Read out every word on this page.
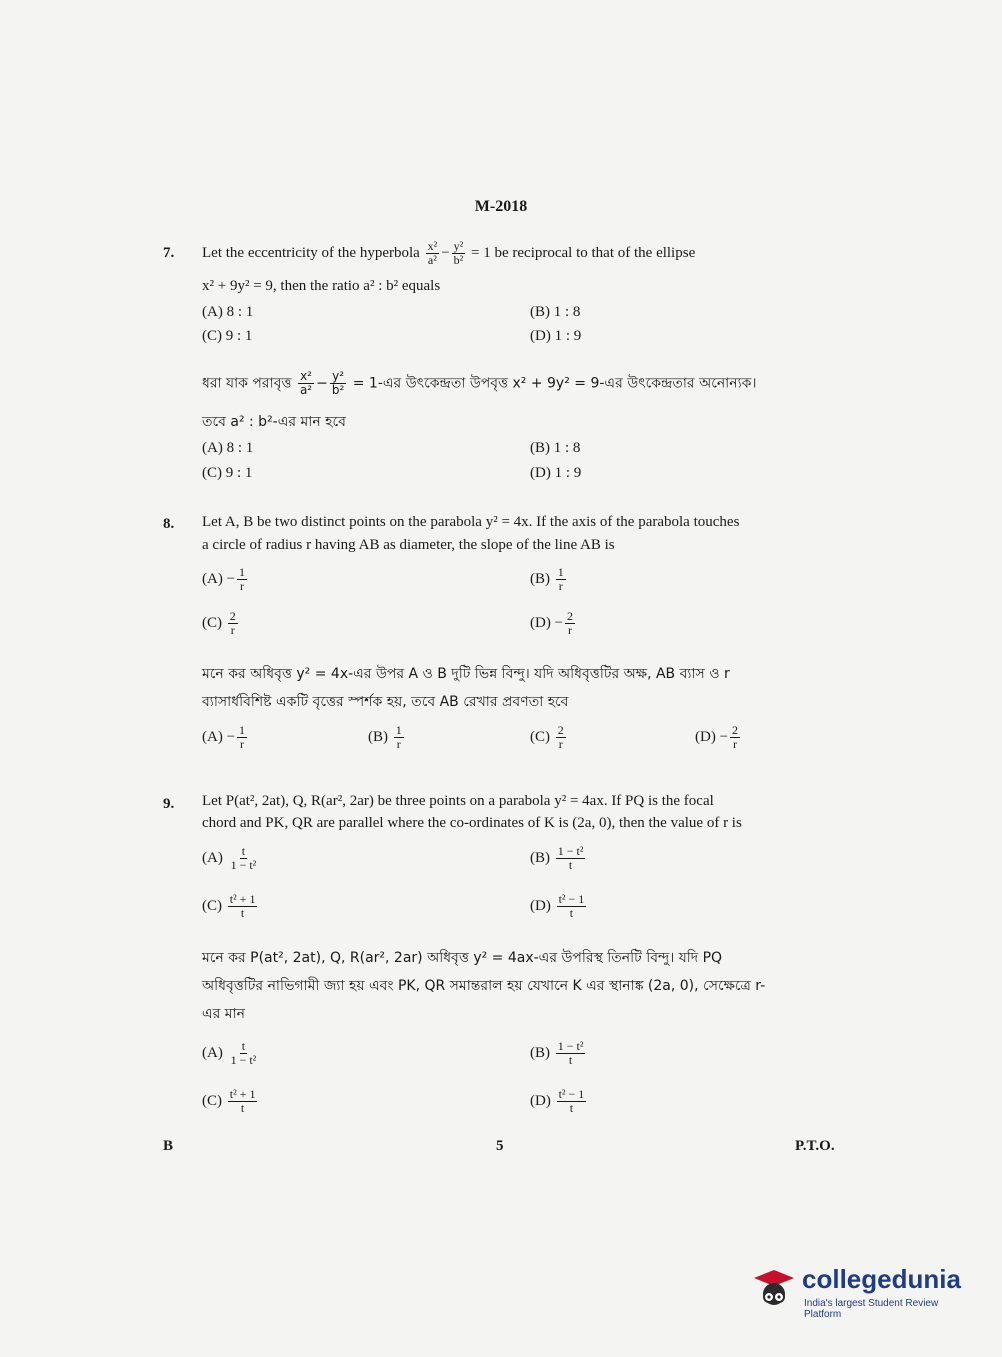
M-2018
7. Let the eccentricity of the hyperbola $\frac{\text{x²}}{\text{a²}} - \frac{\text{y²}}{\text{b²}} = 1$ be reciprocal to that of the ellipse
x² + 9y² = 9, then the ratio a² : b² equals
(A) 8 : 1	(B) 1 : 8
(C) 9 : 1	(D) 1 : 9
ধরা যাক পরাবৃত্ত $\frac{\text{x²}}{\text{a²}} - \frac{\text{y²}}{\text{b²}}$ = 1-এর উৎকেন্দ্রতা উপবৃত্ত x² + 9y² = 9-এর উৎকেন্দ্রতার অনোন্যক।
তবে a² : b²-এর মান হবে
(A) 8 : 1	(B) 1 : 8
(C) 9 : 1	(D) 1 : 9
8. Let A, B be two distinct points on the parabola y² = 4x. If the axis of the parabola touches
a circle of radius r having AB as diameter, the slope of the line AB is
$(A) - \frac{1}{r}$	$(B) \frac{1}{r}$
$(C) \frac{2}{r}$	$(D) - \frac{2}{r}$
মনে কর অধিবৃত্ত y² = 4x-এর উপর A ও B দুটি ভিন্ন বিন্দু। যদি অধিবৃত্তটির অক্ষ, AB ব্যাস ও r
ব্যাসার্ধবিশিষ্ট একটি বৃত্তের স্পর্শক হয়, তবে AB রেখার প্রবণতা হবে
$(A) - \frac{1}{r}$	$(B) \frac{1}{r}$	$(C) \frac{2}{r}$	$(D) - \frac{2}{r}$
9. Let P(at², 2at), Q, R(ar², 2ar) be three points on a parabola y² = 4ax. If PQ is the focal
chord and PK, QR are parallel where the co-ordinates of K is (2a, 0), then the value of r is
$(A) \frac{t}{\text{1 − t²}}$	$(B) \frac{\text{1 − t²}}{t}$
$(C) \frac{\text{t² + 1}}{t}$	$(D) \frac{\text{t² − 1}}{t}$
মনে কর P(at², 2at), Q, R(ar², 2ar) অধিবৃত্ত y² = 4ax-এর উপরিস্থ তিনটি বিন্দু। যদি PQ
অধিবৃত্তটির নাভিগামী জ্যা হয় এবং PK, QR সমান্তরাল হয় যেখানে K এর স্থানাঙ্ক (2a, 0), সেক্ষেত্রে r-
এর মান
$(A) \frac{t}{\text{1 − t²}}$	$(B) \frac{\text{1 − t²}}{t}$
$(C) \frac{\text{t² + 1}}{t}$	$(D) \frac{\text{t² − 1}}{t}$
B	5	P.T.O.
collegedunia
India's largest Student Review Platform
